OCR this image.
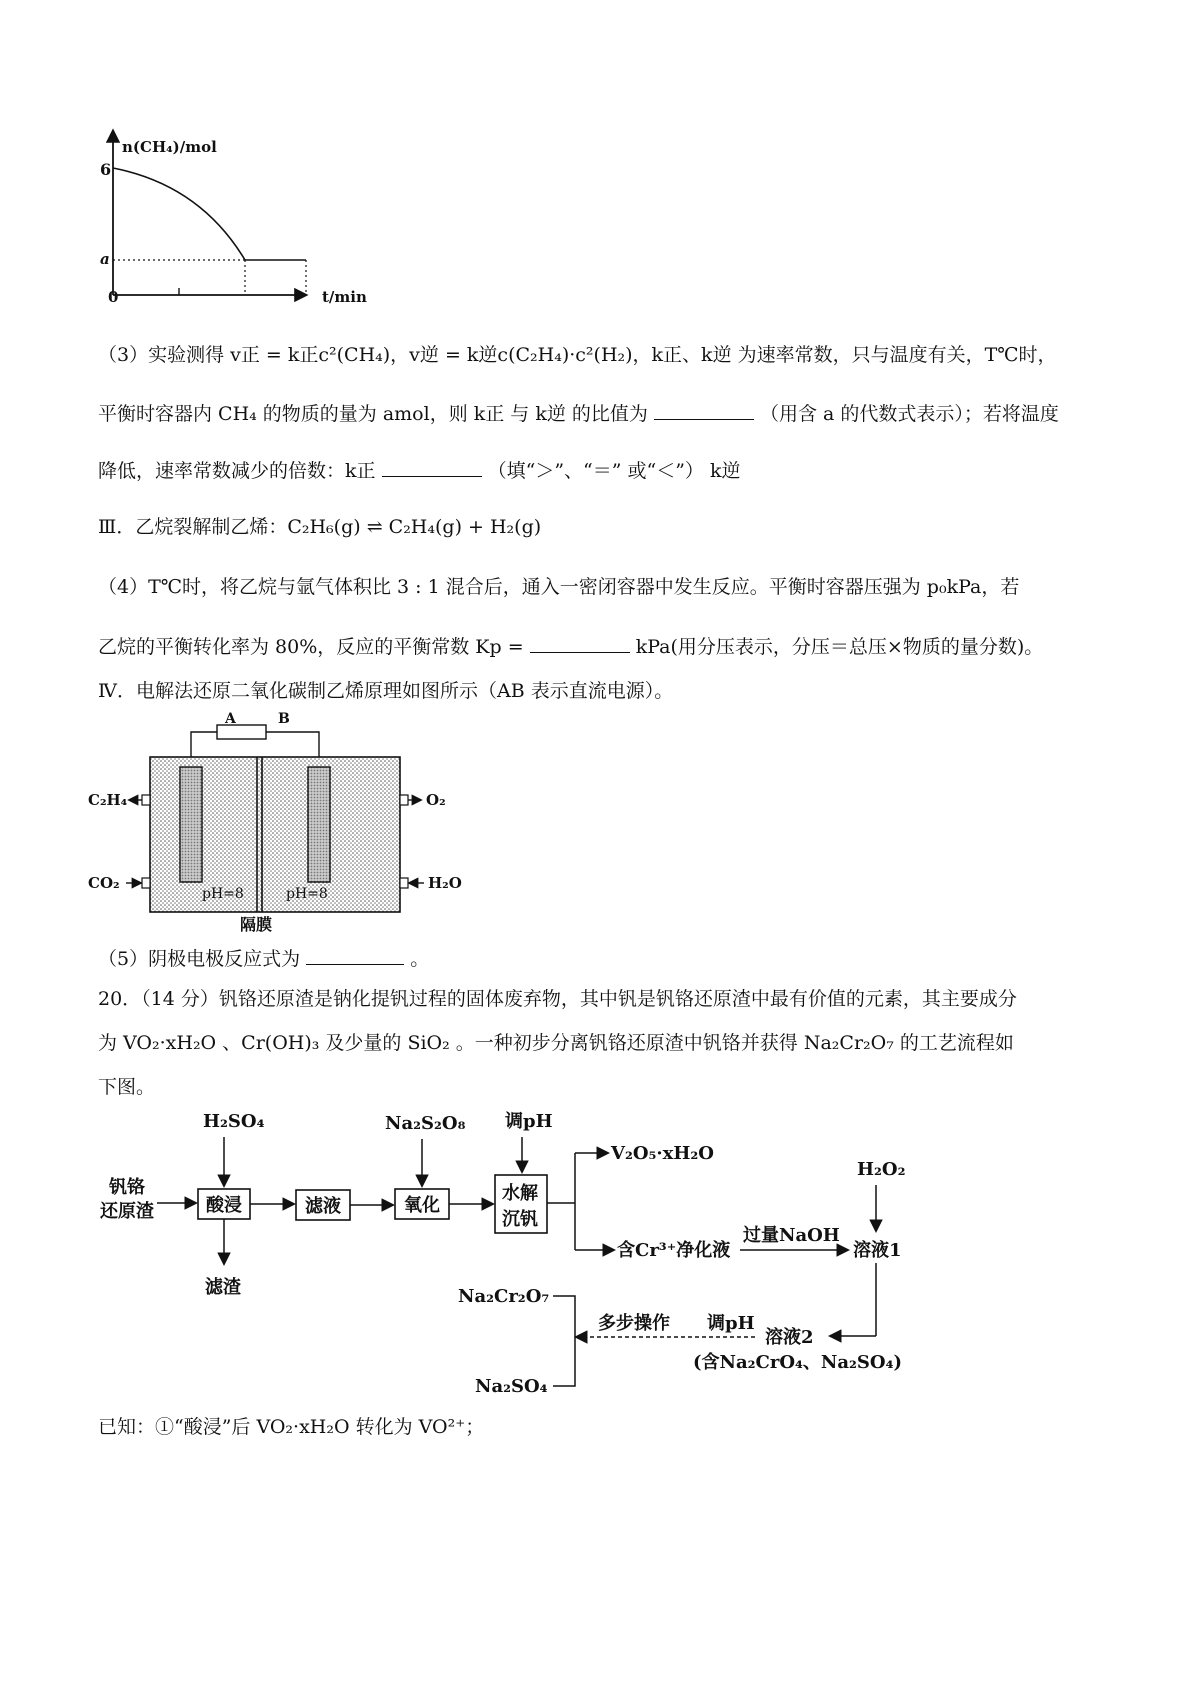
n(CH₄)/mol
t/min
0
6
a
（3）实验测得 v正 = k正c²(CH₄)，v逆 = k逆c(C₂H₄)·c²(H₂)，k正、k逆 为速率常数，只与温度有关，T℃时，
平衡时容器内 CH₄ 的物质的量为 amol，则 k正 与 k逆 的比值为	（用含 a 的代数式表示）；若将温度
降低，速率常数减少的倍数：k正	（填“＞”、“＝” 或“＜”） k逆
Ⅲ．乙烷裂解制乙烯：C₂H₆(g) ⇌ C₂H₄(g) + H₂(g)
（4）T℃时，将乙烷与氩气体积比 3 : 1 混合后，通入一密闭容器中发生反应。平衡时容器压强为 p₀kPa，若
乙烷的平衡转化率为 80%，反应的平衡常数 Kp =	kPa(用分压表示，分压＝总压×物质的量分数)。
Ⅳ．电解法还原二氧化碳制乙烯原理如图所示（AB 表示直流电源）。
A	B
C₂H₄
CO₂
O₂
H₂O
pH=8	pH=8
隔膜
（5）阴极电极反应式为	。
20．（14 分）钒铬还原渣是钠化提钒过程的固体废弃物，其中钒是钒铬还原渣中最有价值的元素，其主要成分
为 VO₂·xH₂O 、Cr(OH)₃ 及少量的 SiO₂ 。一种初步分离钒铬还原渣中钒铬并获得 Na₂Cr₂O₇ 的工艺流程如
下图。
钒铬
还原渣	酸浸
H₂SO₄
滤渣
滤液	氧化
Na₂S₂O₈
水解
沉钒
调pH
V₂O₅·xH₂O
含Cr³⁺净化液
过量NaOH
H₂O₂
溶液1
溶液2
(含Na₂CrO₄、Na₂SO₄)
调pH
多步操作
Na₂Cr₂O₇
Na₂SO₄
已知：①“酸浸”后 VO₂·xH₂O 转化为 VO²⁺；
